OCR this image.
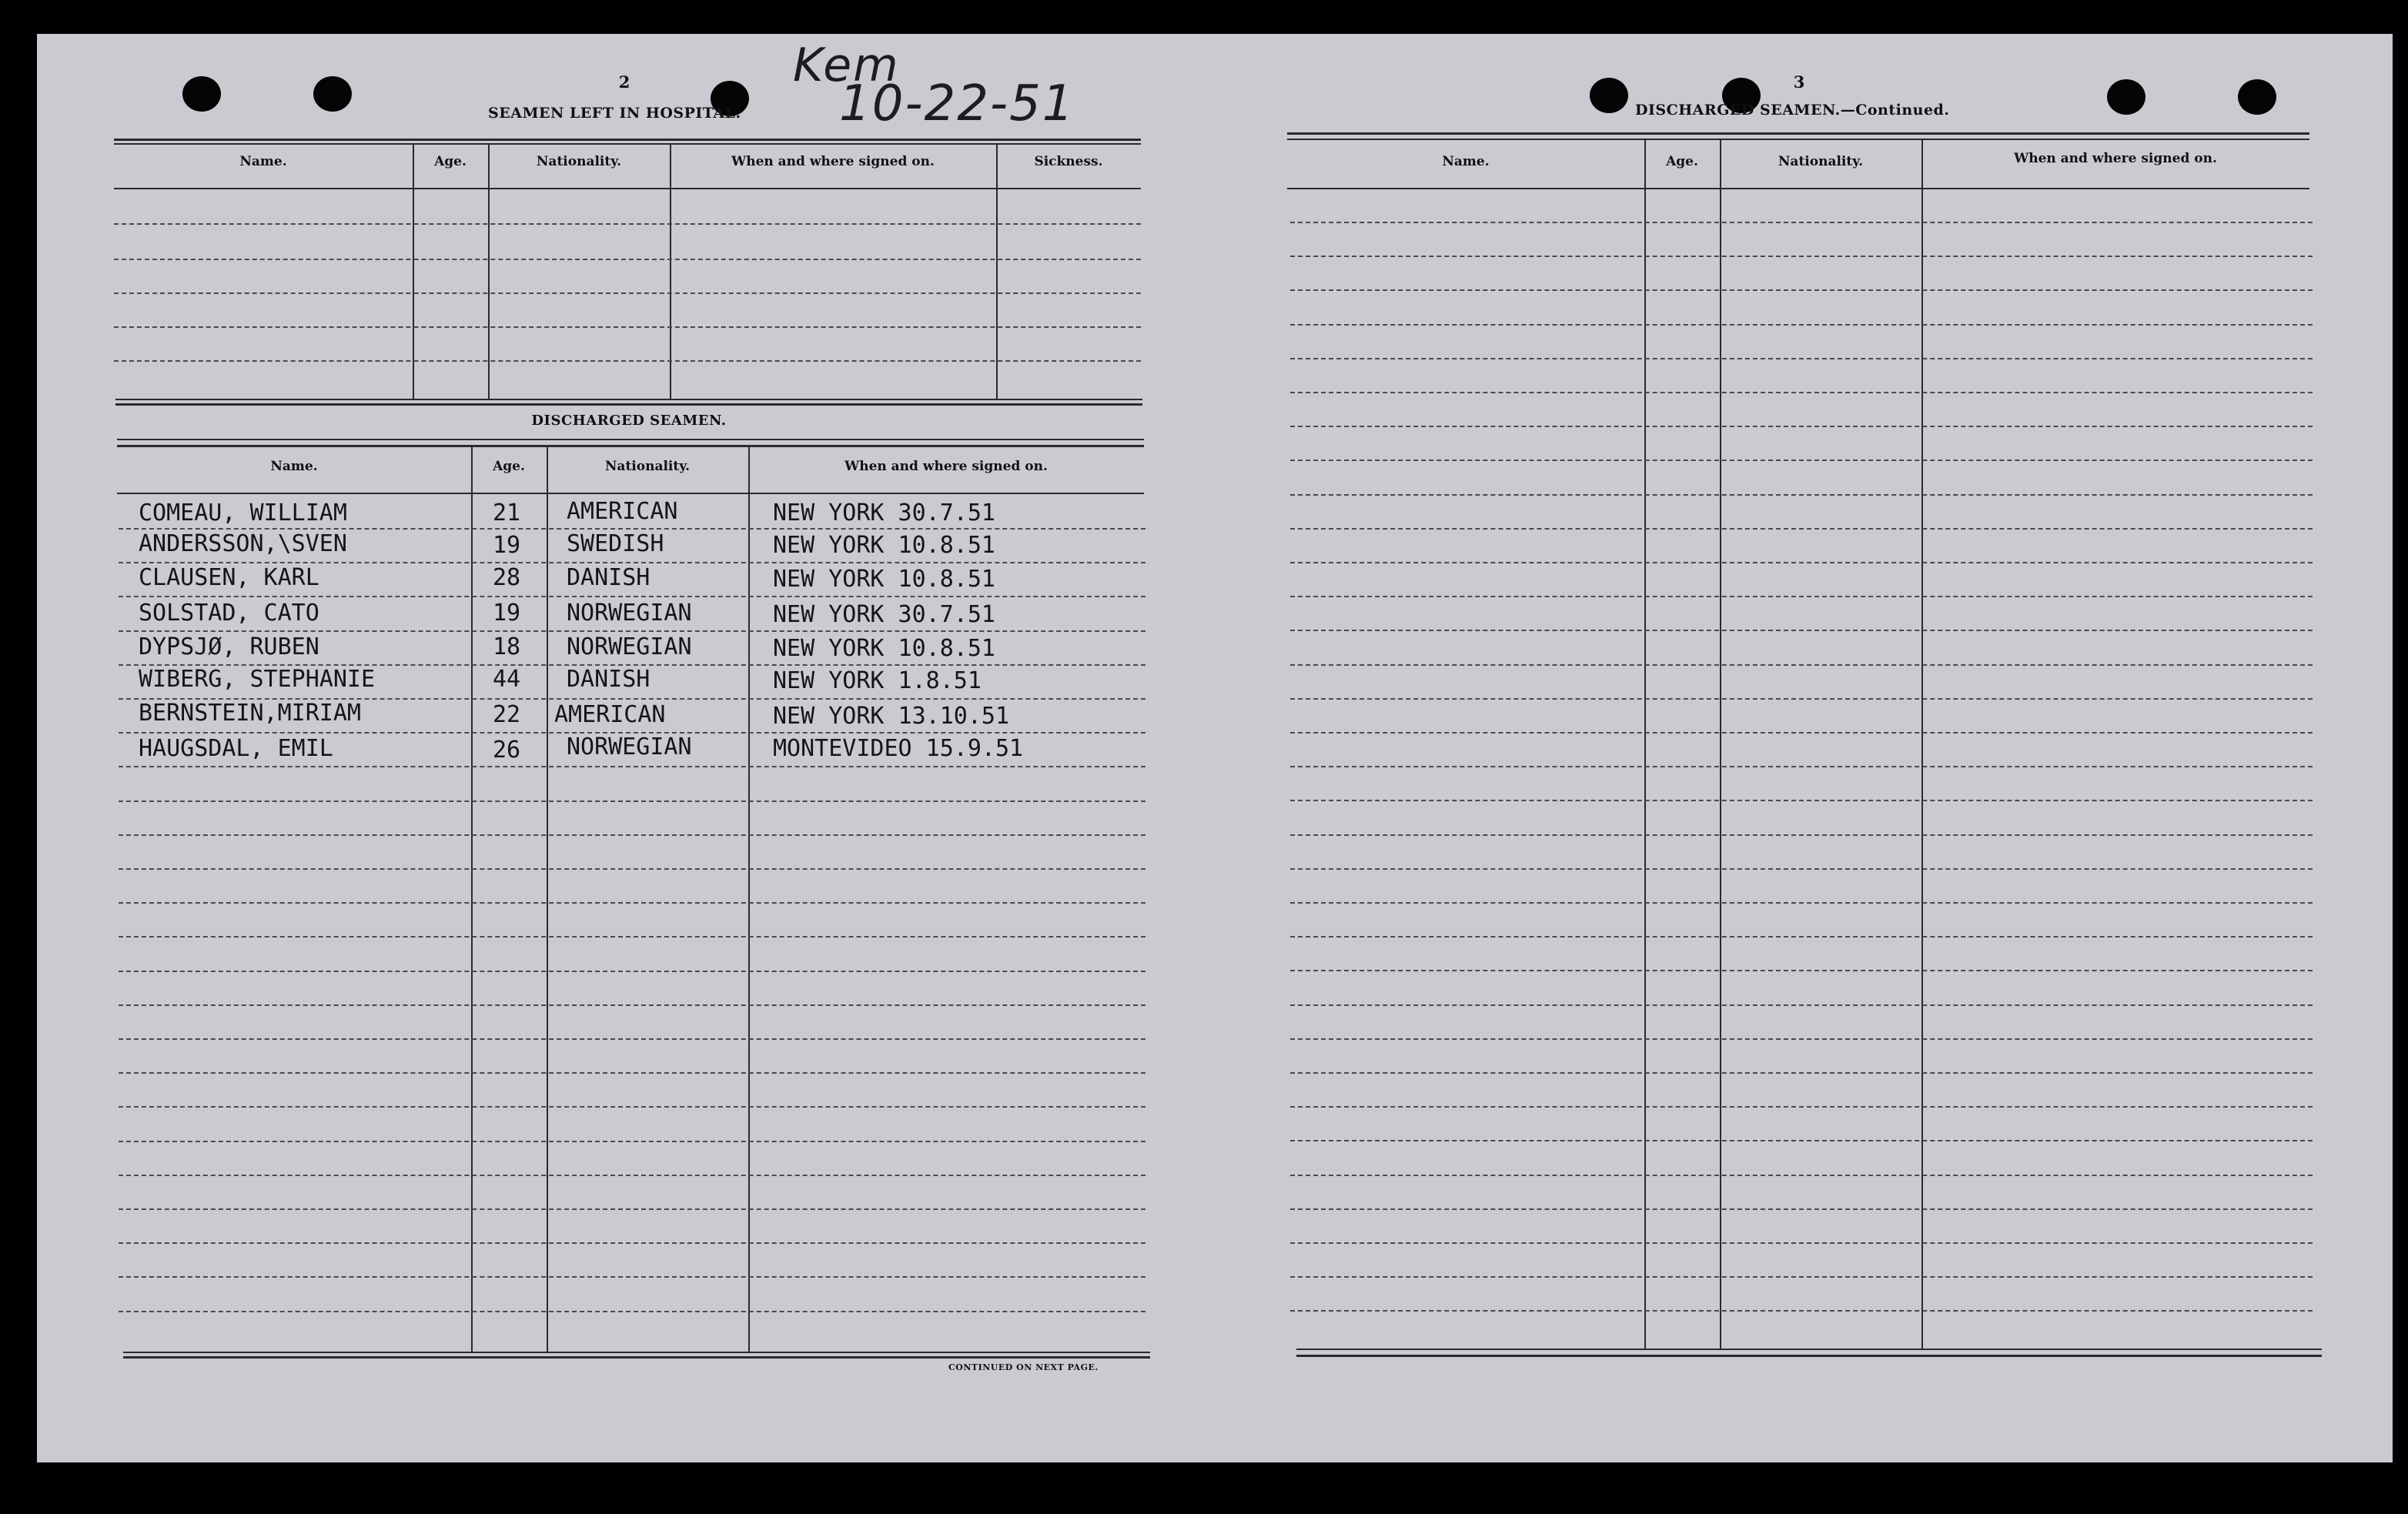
2
SEAMEN LEFT IN HOSPITAL.
Kem
10-22-51
Name.	Age.	Nationality.	When and where signed on.	Sickness.
DISCHARGED SEAMEN.
Name.	Age.	Nationality.	When and where signed on.
COMEAU, WILLIAM	21 AMERICAN	NEW YORK 30.7.51
ANDERSSON,\SVEN	19 SWEDISH	NEW YORK 10.8.51
CLAUSEN, KARL	28 DANISH	NEW YORK 10.8.51
SOLSTAD, CATO	19 NORWEGIAN	NEW YORK 30.7.51
DYPSJØ, RUBEN	18 NORWEGIAN	NEW YORK 10.8.51
WIBERG, STEPHANIE	44 DANISH	NEW YORK 1.8.51
BERNSTEIN,MIRIAM	22 AMERICAN	NEW YORK 13.10.51
HAUGSDAL, EMIL	26 NORWEGIAN	MONTEVIDEO 15.9.51
CONTINUED ON NEXT PAGE.
3
DISCHARGED SEAMEN.—Continued.
Name.	Age.	Nationality.	When and where signed on.
